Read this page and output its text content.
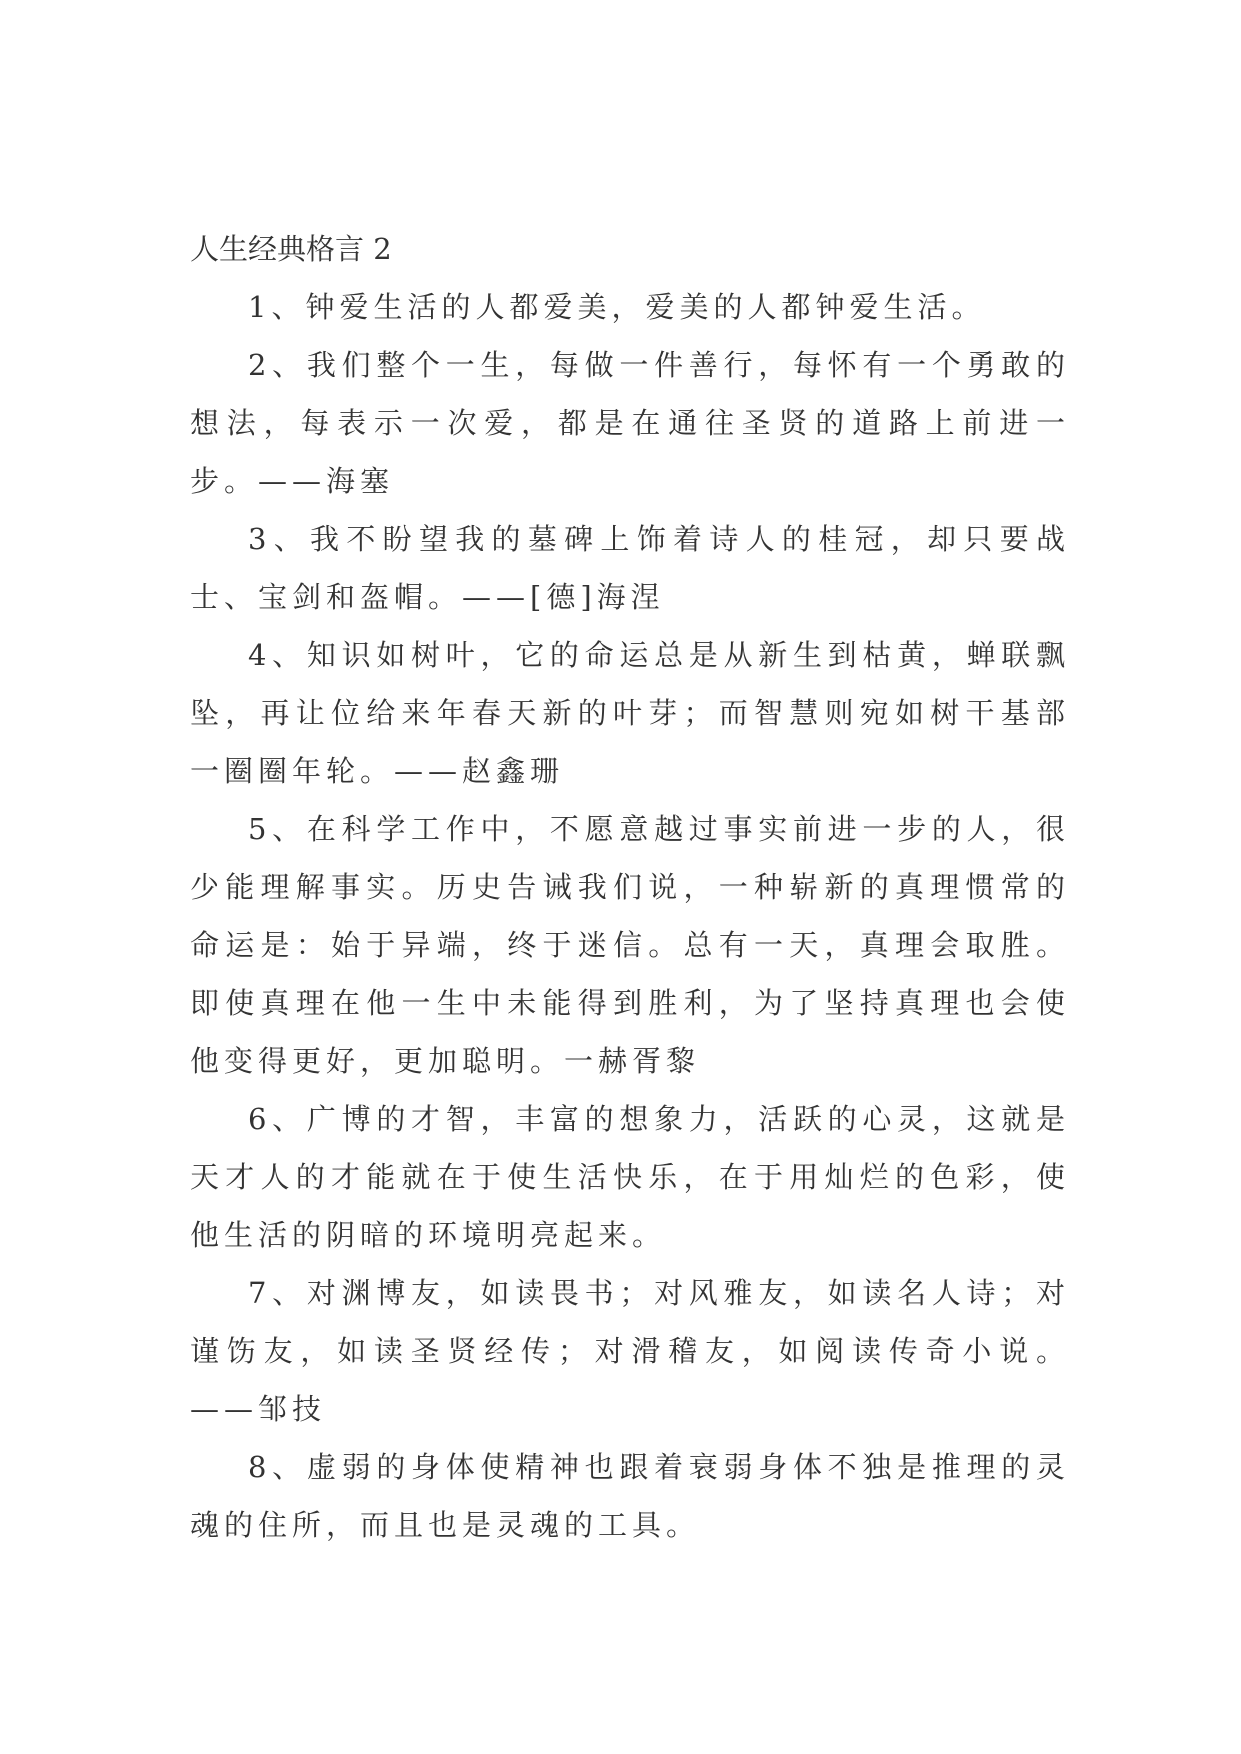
人生经典格言 2

1、钟爱生活的人都爱美，爱美的人都钟爱生活。

2、我们整个一生，每做一件善行，每怀有一个勇敢的想法，每表示一次爱，都是在通往圣贤的道路上前进一步。——海塞

3、我不盼望我的墓碑上饰着诗人的桂冠，却只要战士、宝剑和盔帽。——[德]海涅

4、知识如树叶，它的命运总是从新生到枯黄，蝉联飘坠，再让位给来年春天新的叶芽；而智慧则宛如树干基部一圈圈年轮。——赵鑫珊

5、在科学工作中，不愿意越过事实前进一步的人，很少能理解事实。历史告诫我们说，一种崭新的真理惯常的命运是：始于异端，终于迷信。总有一天，真理会取胜。即使真理在他一生中未能得到胜利，为了坚持真理也会使他变得更好，更加聪明。一赫胥黎

6、广博的才智，丰富的想象力，活跃的心灵，这就是天才人的才能就在于使生活快乐，在于用灿烂的色彩，使他生活的阴暗的环境明亮起来。

7、对渊博友，如读畏书；对风雅友，如读名人诗；对谨饬友，如读圣贤经传；对滑稽友，如阅读传奇小说。——邹技

8、虚弱的身体使精神也跟着衰弱身体不独是推理的灵魂的住所，而且也是灵魂的工具。
